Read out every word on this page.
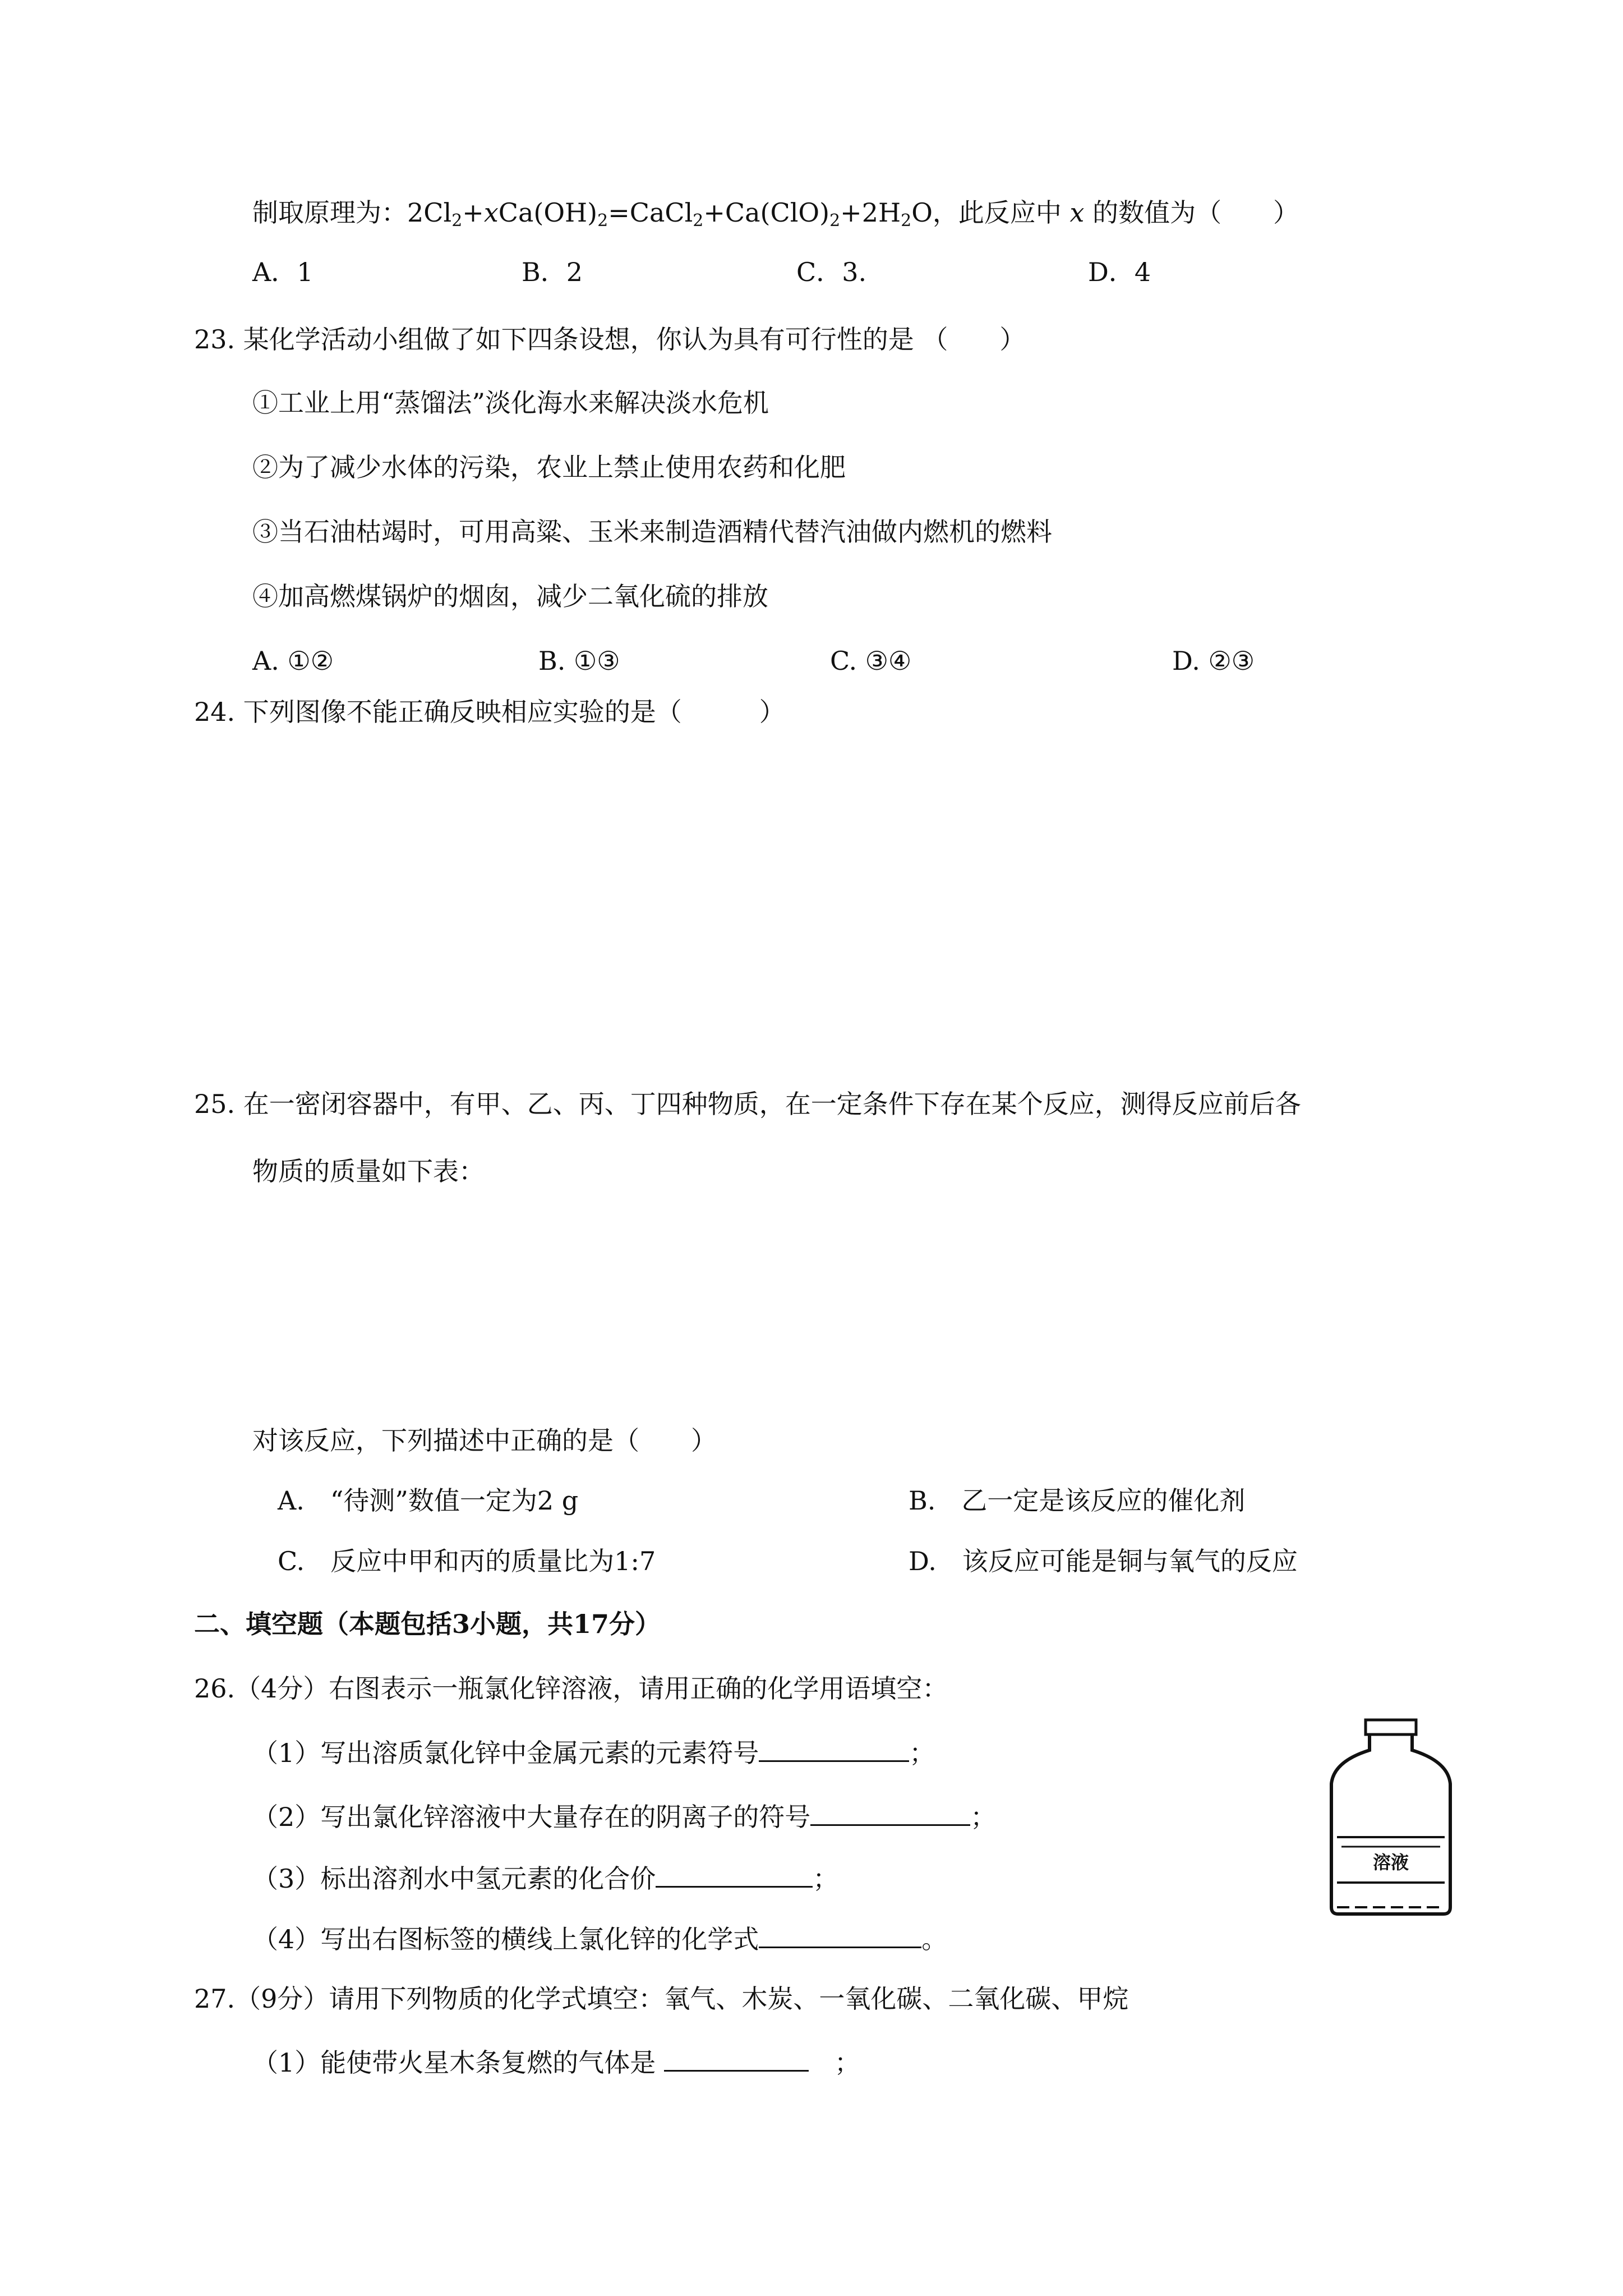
制取原理为：$2Cl_2+xCa(OH)_2=CaCl_2+Ca(ClO)_2+2H_2O$，此反应中 x 的数值为（　　）
A．1	B．2	C．3.	D．4
23. 某化学活动小组做了如下四条设想，你认为具有可行性的是 （　　）
①工业上用“蒸馏法”淡化海水来解决淡水危机
②为了减少水体的污染，农业上禁止使用农药和化肥
③当石油枯竭时，可用高粱、玉米来制造酒精代替汽油做内燃机的燃料
④加高燃煤锅炉的烟囱，减少二氧化硫的排放
A. ①②	B. ①③	C. ③④	D. ②③
24. 下列图像不能正确反映相应实验的是（　　　）
25. 在一密闭容器中，有甲、乙、丙、丁四种物质，在一定条件下存在某个反应，测得反应前后各
物质的质量如下表：
对该反应，下列描述中正确的是（　　）
A.　“待测”数值一定为2 g	B.　乙一定是该反应的催化剂
C.　反应中甲和丙的质量比为1:7	D.　该反应可能是铜与氧气的反应
二、填空题（本题包括3小题，共17分）
26.（4分）右图表示一瓶氯化锌溶液，请用正确的化学用语填空：
（1）写出溶质氯化锌中金属元素的元素符号	；
（2）写出氯化锌溶液中大量存在的阴离子的符号	；
（3）标出溶剂水中氢元素的化合价	；
（4）写出右图标签的横线上氯化锌的化学式	。
溶液
27.（9分）请用下列物质的化学式填空：氧气、木炭、一氧化碳、二氧化碳、甲烷
（1）能使带火星木条复燃的气体是 　	；
